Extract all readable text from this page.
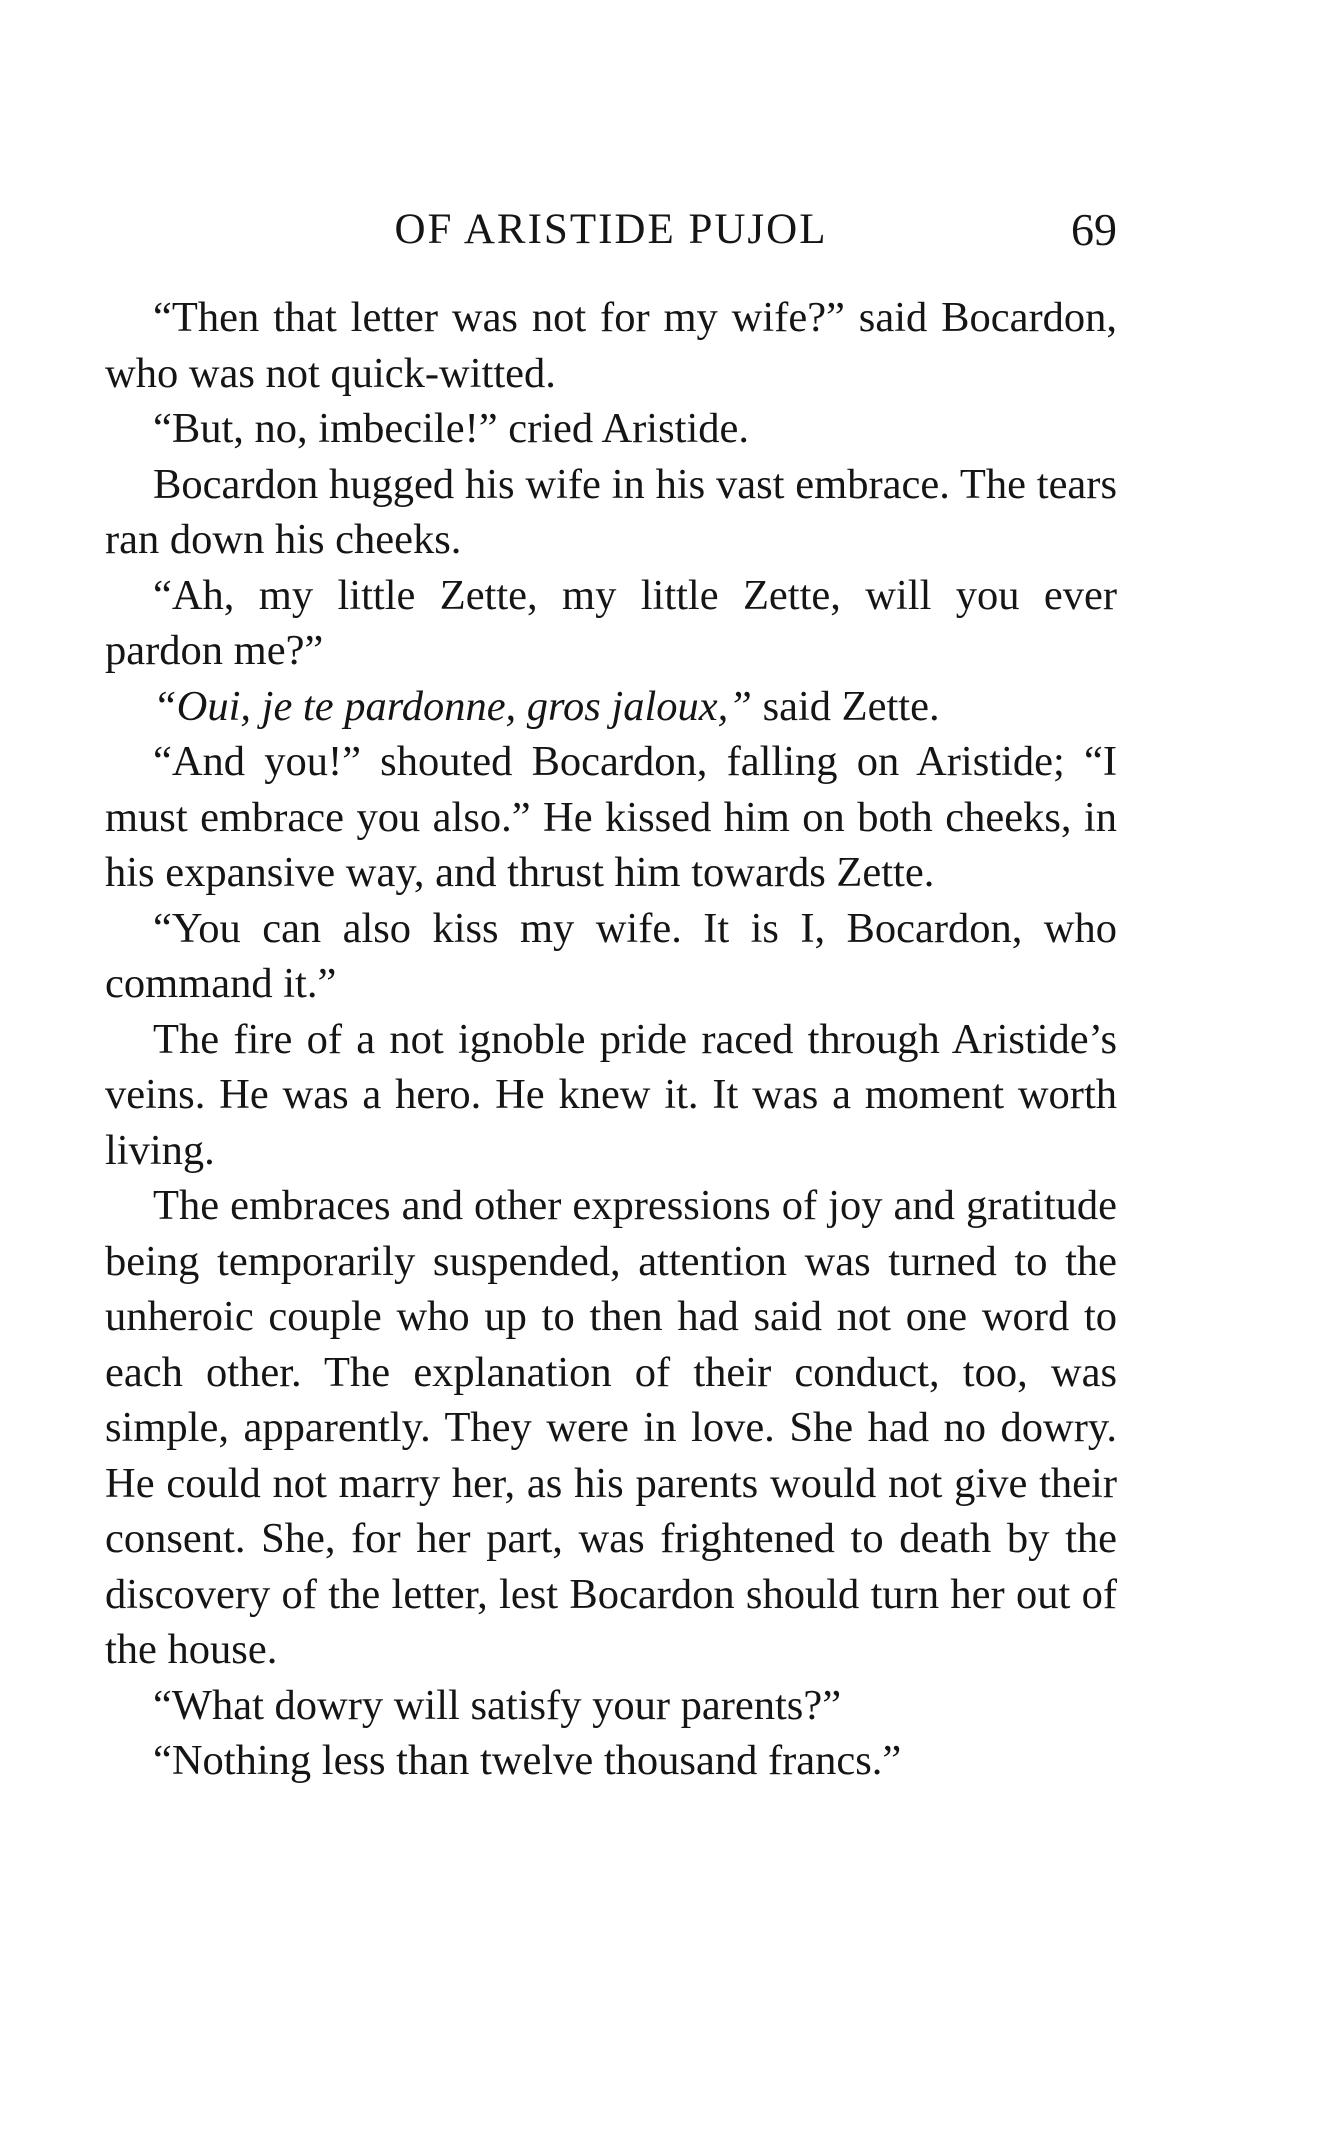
OF ARISTIDE PUJOL	69

“Then that letter was not for my wife?” said Bocardon, who was not quick-witted.

“But, no, imbecile!” cried Aristide.

Bocardon hugged his wife in his vast embrace. The tears ran down his cheeks.

“Ah, my little Zette, my little Zette, will you ever pardon me?”

“Oui, je te pardonne, gros jaloux,” said Zette.

“And you!” shouted Bocardon, falling on Aristide; “I must embrace you also.” He kissed him on both cheeks, in his expansive way, and thrust him towards Zette.

“You can also kiss my wife. It is I, Bocardon, who command it.”

The fire of a not ignoble pride raced through Aristide’s veins. He was a hero. He knew it. It was a moment worth living.

The embraces and other expressions of joy and gratitude being temporarily suspended, attention was turned to the unheroic couple who up to then had said not one word to each other. The explanation of their conduct, too, was simple, apparently. They were in love. She had no dowry. He could not marry her, as his parents would not give their consent. She, for her part, was frightened to death by the discovery of the letter, lest Bocardon should turn her out of the house.

“What dowry will satisfy your parents?”

“Nothing less than twelve thousand francs.”
